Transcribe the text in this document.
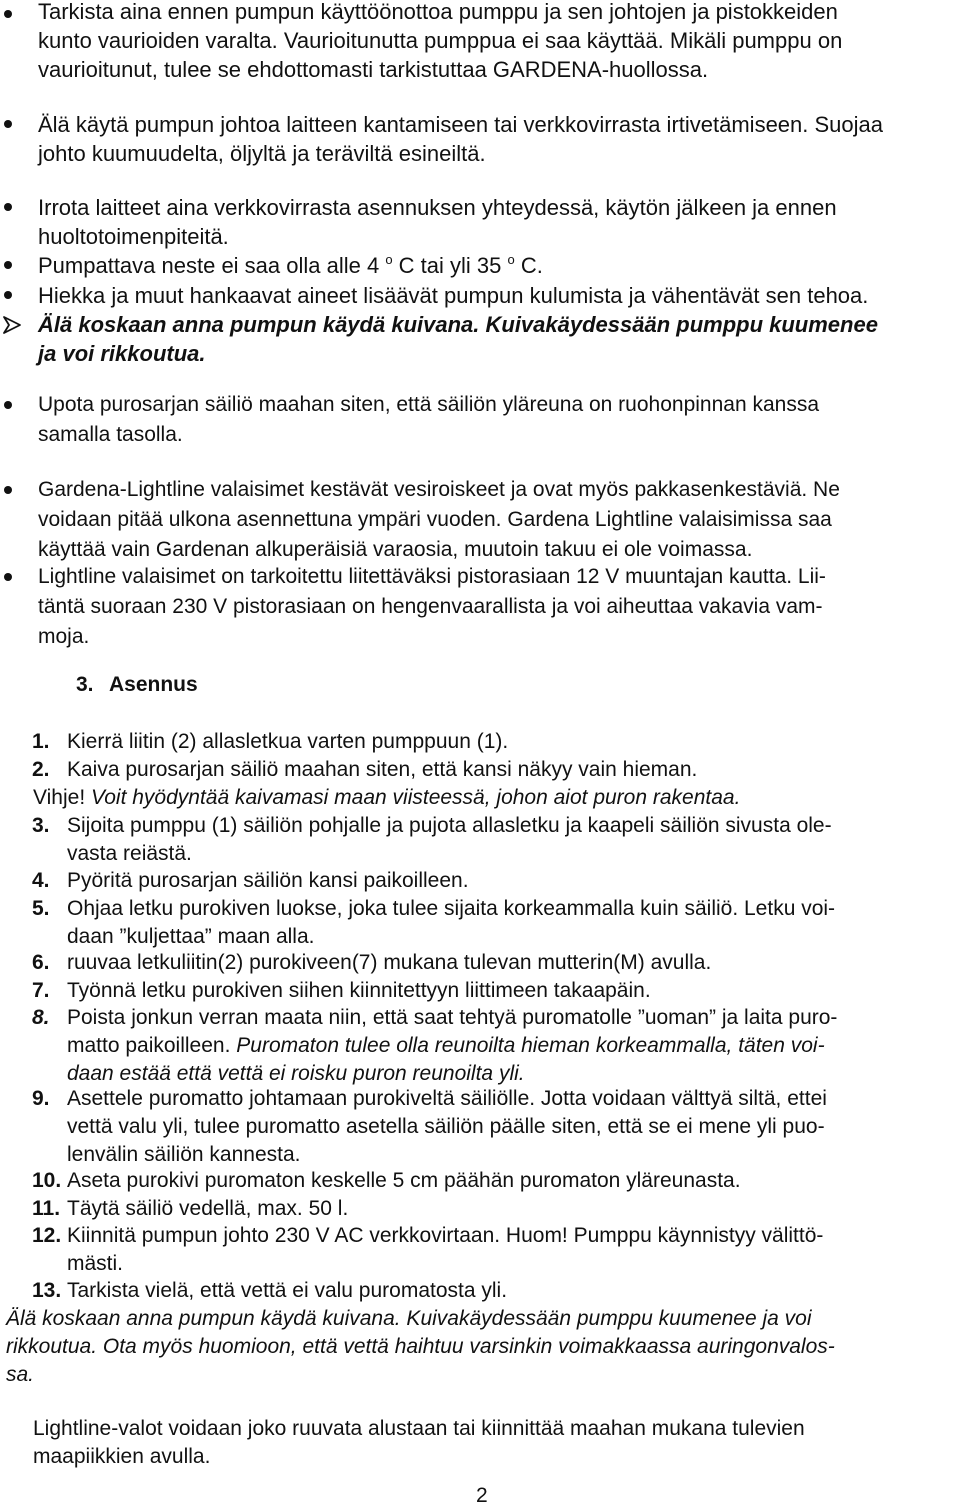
Tarkista aina ennen pumpun käyttöönottoa pumppu ja sen johtojen ja pistokkeiden
kunto vaurioiden varalta. Vaurioitunutta pumppua ei saa käyttää. Mikäli pumppu on
vaurioitunut, tulee se ehdottomasti tarkistuttaa GARDENA-huollossa.
Älä käytä pumpun johtoa laitteen kantamiseen tai verkkovirrasta irtivetämiseen. Suojaa
johto kuumuudelta, öljyltä ja teräviltä esineiltä.
Irrota laitteet aina verkkovirrasta asennuksen yhteydessä, käytön jälkeen ja ennen
huoltotoimenpiteitä.
Pumpattava neste ei saa olla alle 4 $^o$ C tai yli 35 $^o$ C.
Hiekka ja muut hankaavat aineet lisäävät pumpun kulumista ja vähentävät sen tehoa.
Älä koskaan anna pumpun käydä kuivana. Kuivakäydessään pumppu kuumenee
ja voi rikkoutua.
Upota purosarjan säiliö maahan siten, että säiliön yläreuna on ruohonpinnan kanssa
samalla tasolla.
Gardena-Lightline valaisimet kestävät vesiroiskeet ja ovat myös pakkasenkestäviä. Ne
voidaan pitää ulkona asennettuna ympäri vuoden. Gardena Lightline valaisimissa saa
käyttää vain Gardenan alkuperäisiä varaosia, muutoin takuu ei ole voimassa.
Lightline valaisimet on tarkoitettu liitettäväksi pistorasiaan 12 V muuntajan kautta. Lii-
täntä suoraan 230 V pistorasiaan on hengenvaarallista ja voi aiheuttaa vakavia vam-
moja.
3. Asennus
1. Kierrä liitin (2) allasletkua varten pumppuun (1).
2. Kaiva purosarjan säiliö maahan siten, että kansi näkyy vain hieman.
Vihje! Voit hyödyntää kaivamasi maan viisteessä, johon aiot puron rakentaa.
3. Sijoita pumppu (1) säiliön pohjalle ja pujota allasletku ja kaapeli säiliön sivusta ole-
vasta reiästä.
4. Pyöritä purosarjan säiliön kansi paikoilleen.
5. Ohjaa letku purokiven luokse, joka tulee sijaita korkeammalla kuin säiliö. Letku voi-
daan ”kuljettaa” maan alla.
6. ruuvaa letkuliitin(2) purokiveen(7) mukana tulevan mutterin(M) avulla.
7. Työnnä letku purokiven siihen kiinnitettyyn liittimeen takaapäin.
8. Poista jonkun verran maata niin, että saat tehtyä puromatolle ”uoman” ja laita puro-
matto paikoilleen. Puromaton tulee olla reunoilta hieman korkeammalla, täten voi-
daan estää että vettä ei roisku puron reunoilta yli.
9. Asettele puromatto johtamaan purokiveltä säiliölle. Jotta voidaan välttyä siltä, ettei
vettä valu yli, tulee puromatto asetella säiliön päälle siten, että se ei mene yli puo-
lenvälin säiliön kannesta.
10. Aseta purokivi puromaton keskelle 5 cm päähän puromaton yläreunasta.
11. Täytä säiliö vedellä, max. 50 l.
12. Kiinnitä pumpun johto 230 V AC verkkovirtaan. Huom! Pumppu käynnistyy välittö-
mästi.
13. Tarkista vielä, että vettä ei valu puromatosta yli.
Älä koskaan anna pumpun käydä kuivana. Kuivakäydessään pumppu kuumenee ja voi
rikkoutua. Ota myös huomioon, että vettä haihtuu varsinkin voimakkaassa auringonvalos-
sa.
Lightline-valot voidaan joko ruuvata alustaan tai kiinnittää maahan mukana tulevien
maapiikkien avulla.
2
